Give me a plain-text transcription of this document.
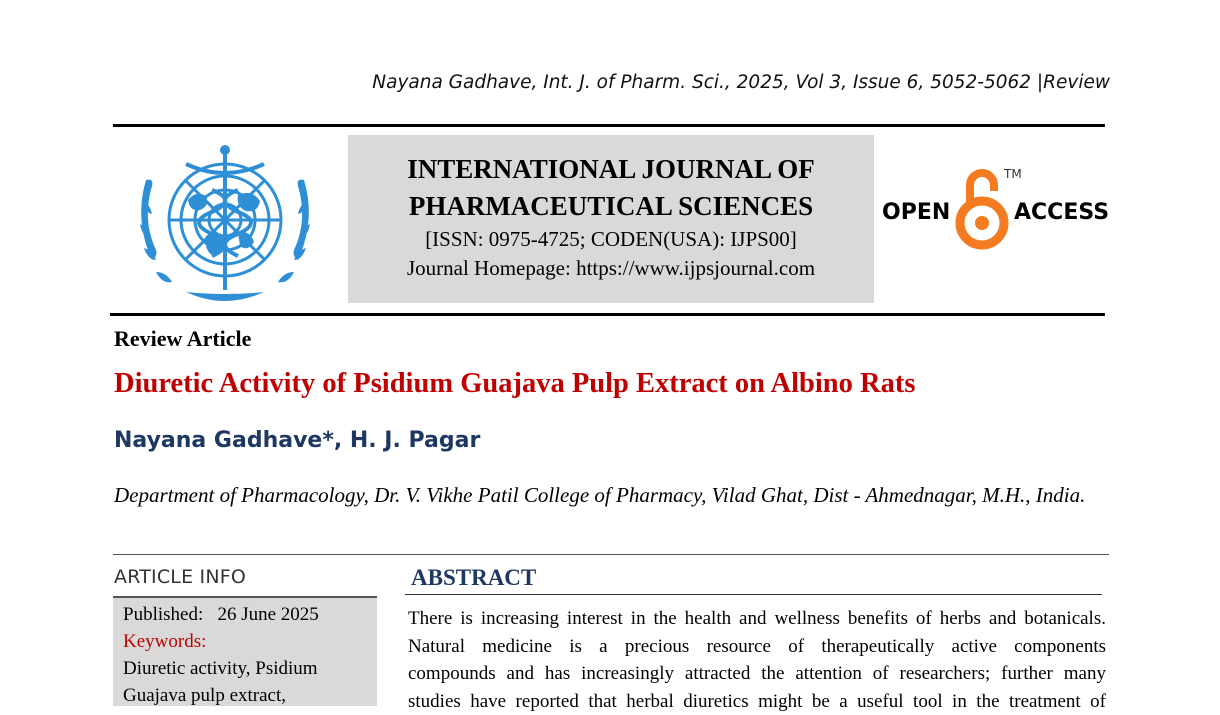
Nayana Gadhave, Int. J. of Pharm. Sci., 2025, Vol 3, Issue 6, 5052-5062 |Review
INTERNATIONAL JOURNAL OF
PHARMACEUTICAL SCIENCES
[ISSN: 0975-4725; CODEN(USA): IJPS00]
Journal Homepage: https://www.ijpsjournal.com
OPEN	ACCESS
TM
Review Article
Diuretic Activity of Psidium Guajava Pulp Extract on Albino Rats
Nayana Gadhave*, H. J. Pagar
Department of Pharmacology, Dr. V. Vikhe Patil College of Pharmacy, Vilad Ghat, Dist - Ahmednagar, M.H., India.
ARTICLE INFO
Published: 26 June 2025
Keywords:
Diuretic activity, Psidium
Guajava pulp extract,
ABSTRACT
There is increasing interest in the health and wellness benefits of herbs and botanicals.
Natural medicine is a precious resource of therapeutically active components
compounds and has increasingly attracted the attention of researchers; further many
studies have reported that herbal diuretics might be a useful tool in the treatment of
